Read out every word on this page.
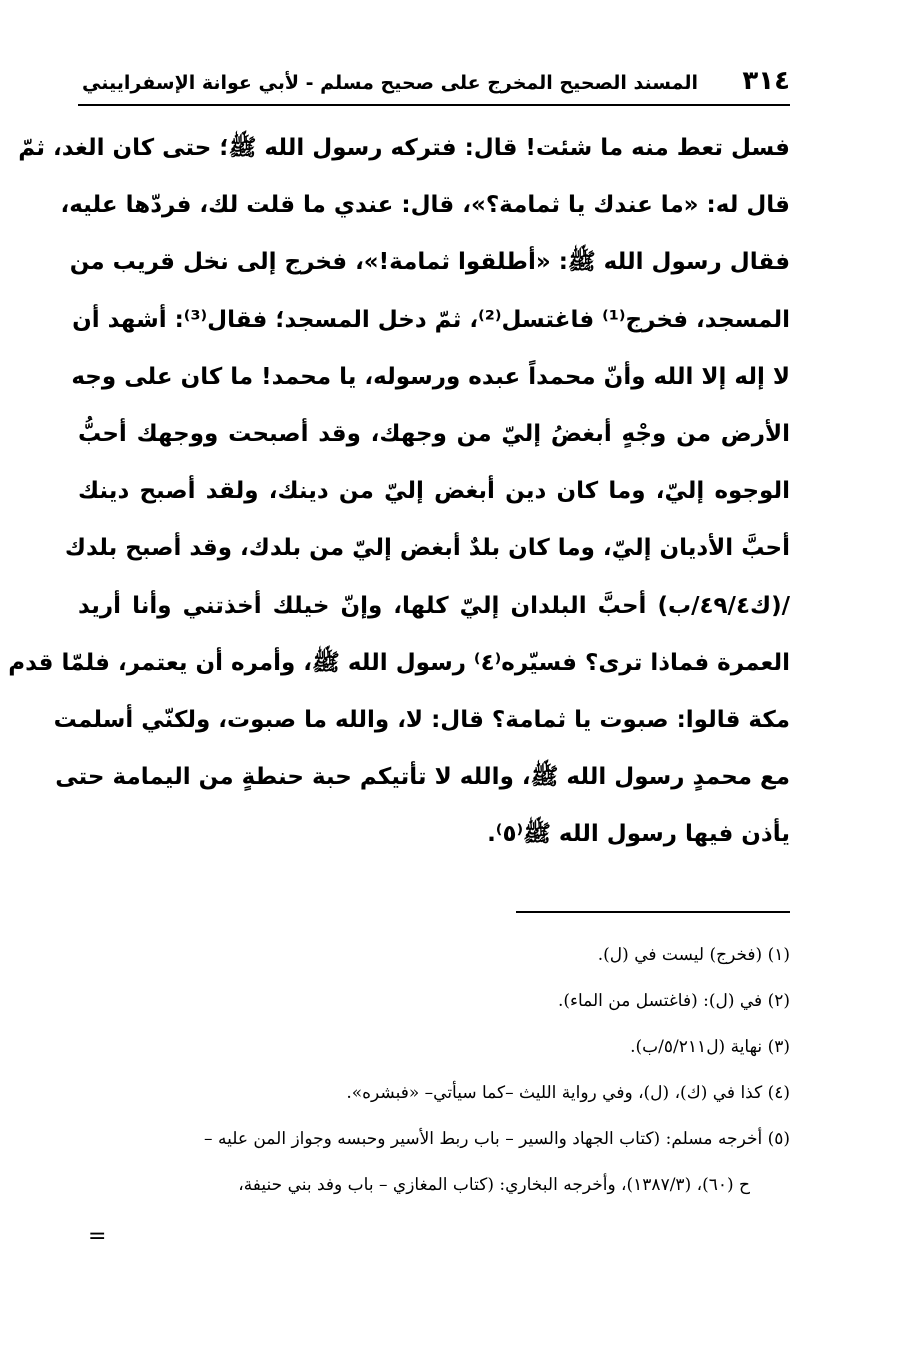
٣١٤
المسند الصحيح المخرج على صحيح مسلم - لأبي عوانة الإسفراييني
فسل تعط منه ما شئت! قال: فتركه رسول الله ﷺ؛ حتى كان الغد، ثمّ
قال له: «ما عندك يا ثمامة؟»، قال: عندي ما قلت لك، فردّها عليه،
فقال رسول الله ﷺ: «أطلقوا ثمامة!»، فخرج إلى نخل قريب من
المسجد، فخرج⁽¹⁾ فاغتسل⁽²⁾، ثمّ دخل المسجد؛ فقال⁽³⁾: أشهد أن
لا إله إلا الله وأنّ محمداً عبده ورسوله، يا محمد! ما كان على وجه
الأرض من وجْهٍ أبغضُ إليّ من وجهك، وقد أصبحت ووجهك أحبُّ
الوجوه إليّ، وما كان دين أبغض إليّ من دينك، ولقد أصبح دينك
أحبَّ الأديان إليّ، وما كان بلدٌ أبغض إليّ من بلدك، وقد أصبح بلدك
/(ك٤٩/٤/ب) أحبَّ البلدان إليّ كلها، وإنّ خيلك أخذتني وأنا أريد
العمرة فماذا ترى؟ فسيّره⁽٤⁾ رسول الله ﷺ، وأمره أن يعتمر، فلمّا قدم
مكة قالوا: صبوت يا ثمامة؟ قال: لا، والله ما صبوت، ولكنّي أسلمت
مع محمدٍ رسول الله ﷺ، والله لا تأتيكم حبة حنطةٍ من اليمامة حتى
يأذن فيها رسول الله ﷺ⁽٥⁾.
(١) (فخرج) ليست في (ل).
(٢) في (ل): (فاغتسل من الماء).
(٣) نهاية (ل٥/٢١١/ب).
(٤) كذا في (ك)، (ل)، وفي رواية الليث –كما سيأتي– «فبشره».
(٥) أخرجه مسلم: (كتاب الجهاد والسير – باب ربط الأسير وحبسه وجواز المن عليه –
ح (٦٠)، (١٣٨٧/٣)، وأخرجه البخاري: (كتاب المغازي – باب وفد بني حنيفة،
=
